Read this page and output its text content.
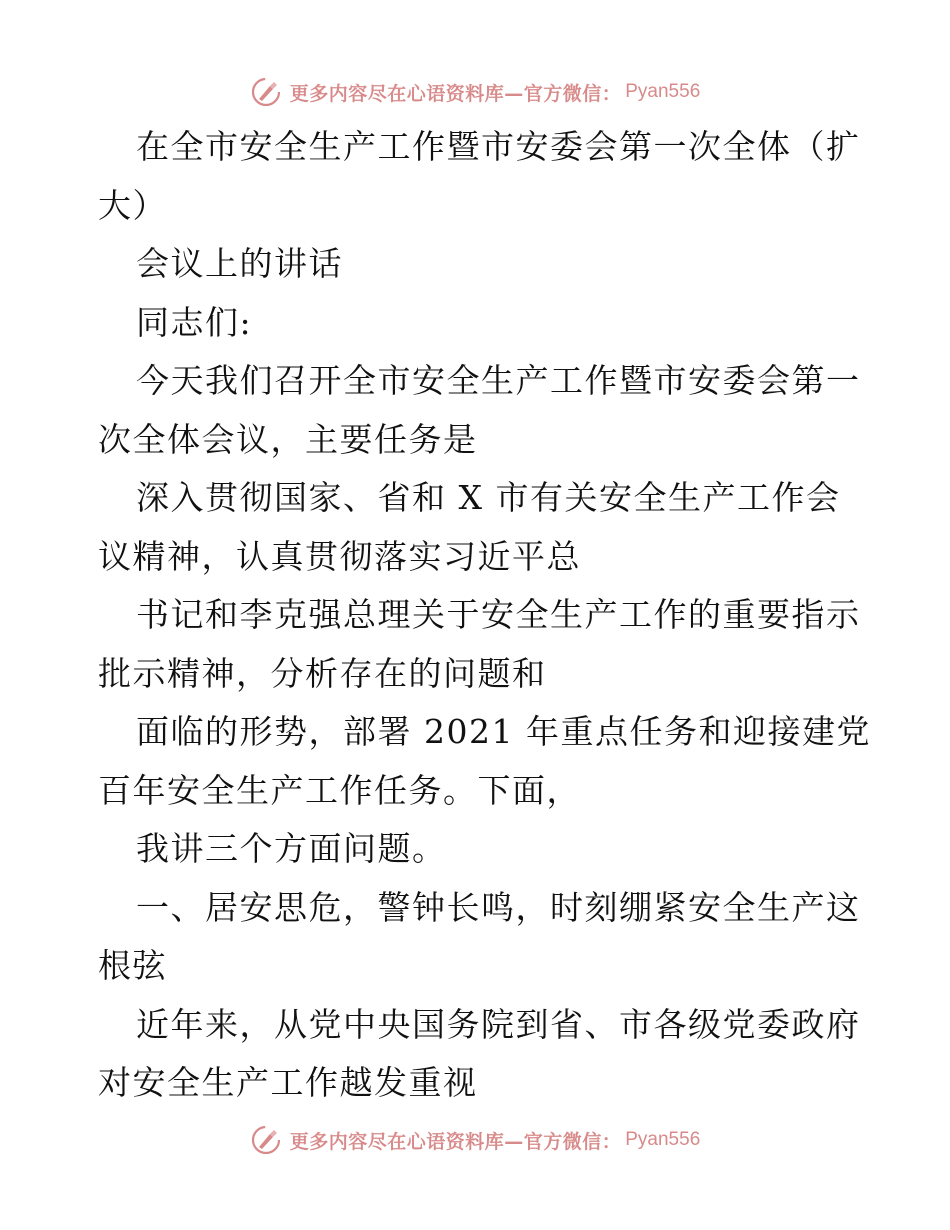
更多内容尽在心语资料库—官方微信： Pyan556
在全市安全生产工作暨市安委会第一次全体（扩
大）
会议上的讲话
同志们:
今天我们召开全市安全生产工作暨市安委会第一
次全体会议，主要任务是
深入贯彻国家、省和 X 市有关安全生产工作会
议精神，认真贯彻落实习近平总
书记和李克强总理关于安全生产工作的重要指示
批示精神，分析存在的问题和
面临的形势，部署 2021 年重点任务和迎接建党
百年安全生产工作任务。下面，
我讲三个方面问题。
一、居安思危，警钟长鸣，时刻绷紧安全生产这
根弦
近年来，从党中央国务院到省、市各级党委政府
对安全生产工作越发重视
更多内容尽在心语资料库—官方微信： Pyan556
